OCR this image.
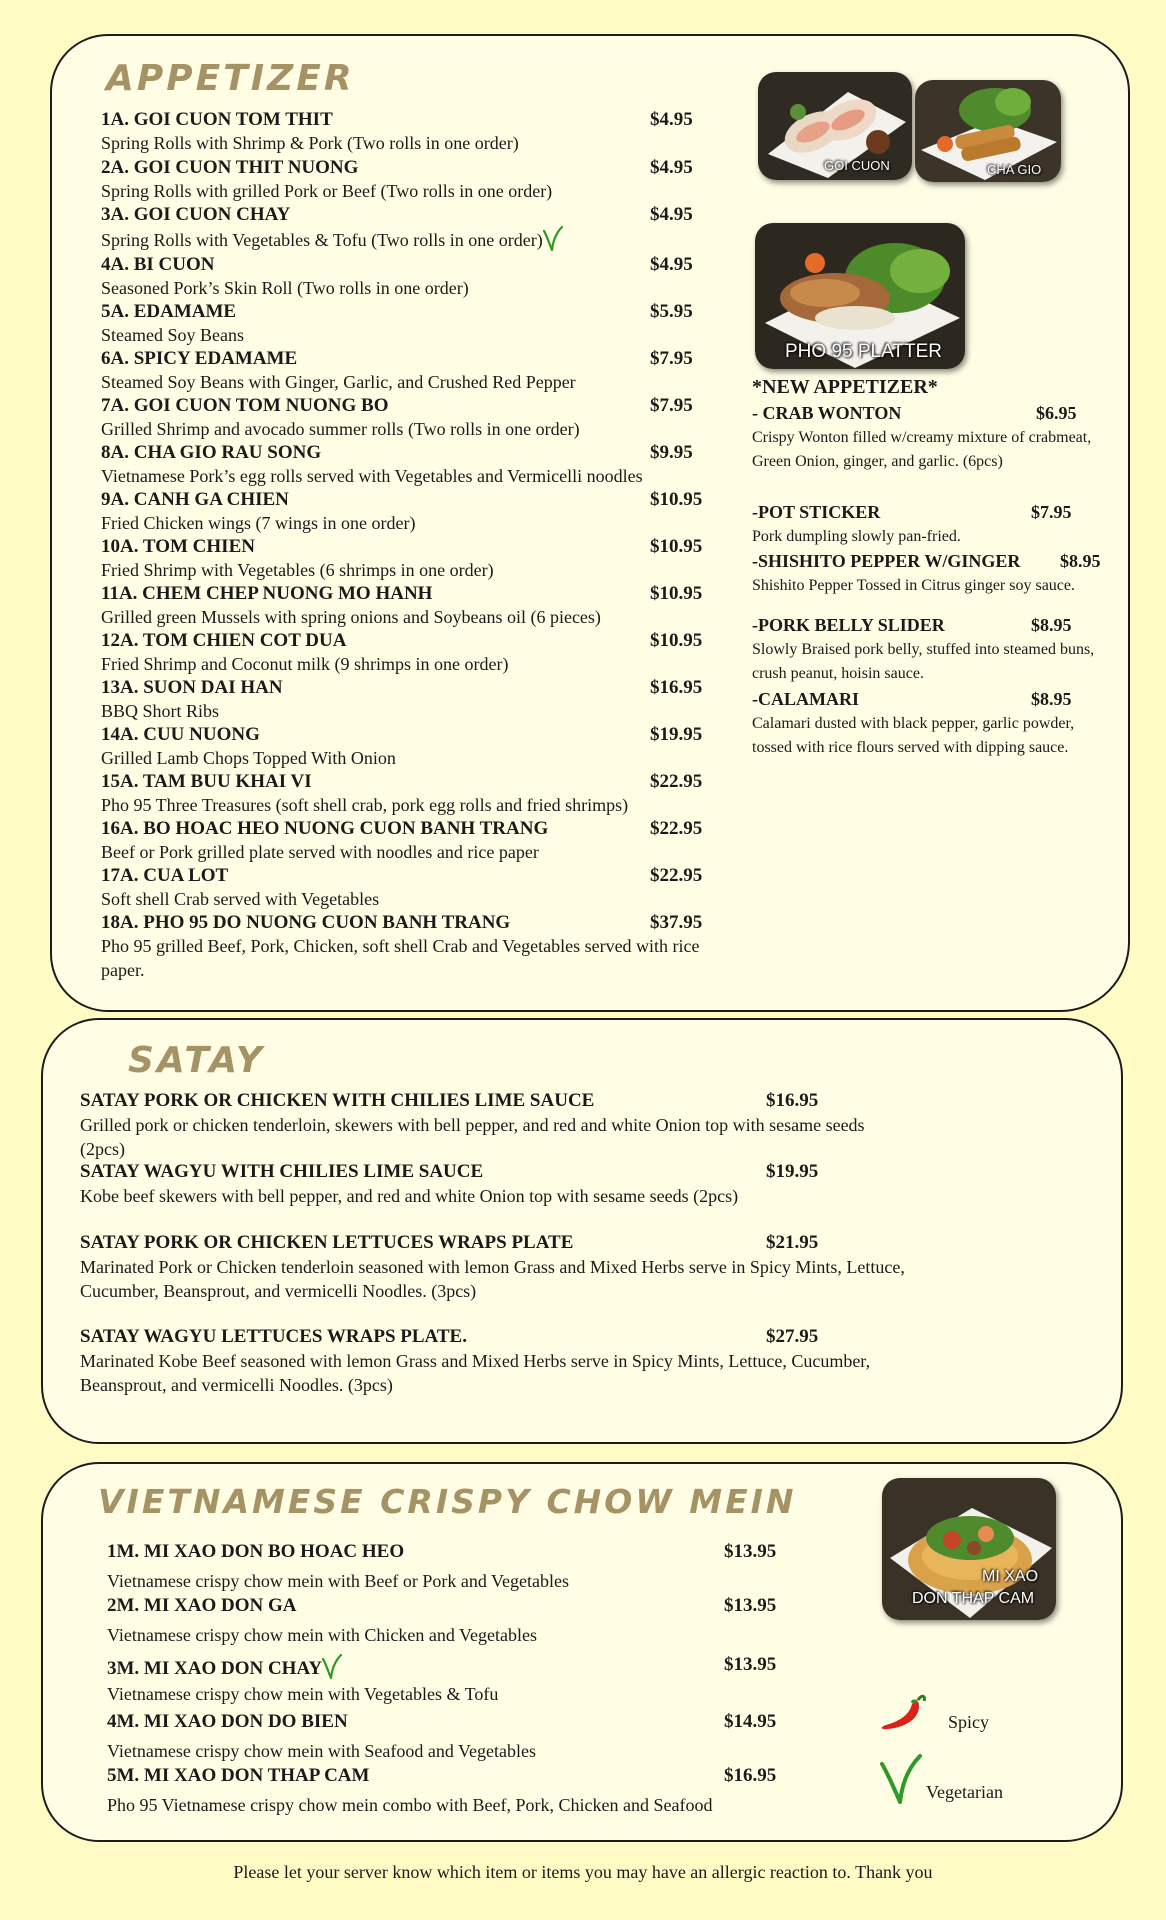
APPETIZER
1A. GOI CUON TOM THIT	$4.95
Spring Rolls with Shrimp & Pork (Two rolls in one order)
2A. GOI CUON THIT NUONG	$4.95
Spring Rolls with grilled Pork or Beef (Two rolls in one order)
3A. GOI CUON CHAY	$4.95
Spring Rolls with Vegetables & Tofu (Two rolls in one order)
4A. BI CUON	$4.95
Seasoned Pork’s Skin Roll (Two rolls in one order)
5A. EDAMAME	$5.95
Steamed Soy Beans
6A. SPICY EDAMAME	$7.95
Steamed Soy Beans with Ginger, Garlic, and Crushed Red Pepper
7A. GOI CUON TOM NUONG BO	$7.95
Grilled Shrimp and avocado summer rolls (Two rolls in one order)
8A. CHA GIO RAU SONG	$9.95
Vietnamese Pork’s egg rolls served with Vegetables and Vermicelli noodles
9A. CANH GA CHIEN	$10.95
Fried Chicken wings (7 wings in one order)
10A. TOM CHIEN	$10.95
Fried Shrimp with Vegetables (6 shrimps in one order)
11A. CHEM CHEP NUONG MO HANH	$10.95
Grilled green Mussels with spring onions and Soybeans oil (6 pieces)
12A. TOM CHIEN COT DUA	$10.95
Fried Shrimp and Coconut milk (9 shrimps in one order)
13A. SUON DAI HAN	$16.95
BBQ Short Ribs
14A. CUU NUONG	$19.95
Grilled Lamb Chops Topped With Onion
15A. TAM BUU KHAI VI	$22.95
Pho 95 Three Treasures (soft shell crab, pork egg rolls and fried shrimps)
16A. BO HOAC HEO NUONG CUON BANH TRANG	$22.95
Beef or Pork grilled plate served with noodles and rice paper
17A. CUA LOT	$22.95
Soft shell Crab served with Vegetables
18A. PHO 95 DO NUONG CUON BANH TRANG	$37.95
Pho 95 grilled Beef, Pork, Chicken, soft shell Crab and Vegetables served with rice paper.
GOI CUON	CHA GIO
PHO 95 PLATTER
*NEW APPETIZER*
- CRAB WONTON	$6.95
Crispy Wonton filled w/creamy mixture of crabmeat, Green Onion, ginger, and garlic. (6pcs)
-POT STICKER	$7.95
Pork dumpling slowly pan-fried.
-SHISHITO PEPPER W/GINGER $8.95
Shishito Pepper Tossed in Citrus ginger soy sauce.
-PORK BELLY SLIDER	$8.95
Slowly Braised pork belly, stuffed into steamed buns, crush peanut, hoisin sauce.
-CALAMARI	$8.95
Calamari dusted with black pepper, garlic powder, tossed with rice flours served with dipping sauce.
SATAY
SATAY PORK OR CHICKEN WITH CHILIES LIME SAUCE	$16.95
Grilled pork or chicken tenderloin, skewers with bell pepper, and red and white Onion top with sesame seeds (2pcs)
SATAY WAGYU WITH CHILIES LIME SAUCE	$19.95
Kobe beef skewers with bell pepper, and red and white Onion top with sesame seeds (2pcs)
SATAY PORK OR CHICKEN LETTUCES WRAPS PLATE	$21.95
Marinated Pork or Chicken tenderloin seasoned with lemon Grass and Mixed Herbs serve in Spicy Mints, Lettuce, Cucumber, Beansprout, and vermicelli Noodles. (3pcs)
SATAY WAGYU LETTUCES WRAPS PLATE.	$27.95
Marinated Kobe Beef seasoned with lemon Grass and Mixed Herbs serve in Spicy Mints, Lettuce, Cucumber, Beansprout, and vermicelli Noodles. (3pcs)
VIETNAMESE CRISPY CHOW MEIN
1M. MI XAO DON BO HOAC HEO	$13.95
Vietnamese crispy chow mein with Beef or Pork and Vegetables
2M. MI XAO DON GA	$13.95
Vietnamese crispy chow mein with Chicken and Vegetables
3M. MI XAO DON CHAY	$13.95
Vietnamese crispy chow mein with Vegetables & Tofu
4M. MI XAO DON DO BIEN	$14.95
Vietnamese crispy chow mein with Seafood and Vegetables
5M. MI XAO DON THAP CAM	$16.95
Pho 95 Vietnamese crispy chow mein combo with Beef, Pork, Chicken and Seafood
MI XAO
DON THAP CAM
Spicy
Vegetarian
Please let your server know which item or items you may have an allergic reaction to. Thank you
